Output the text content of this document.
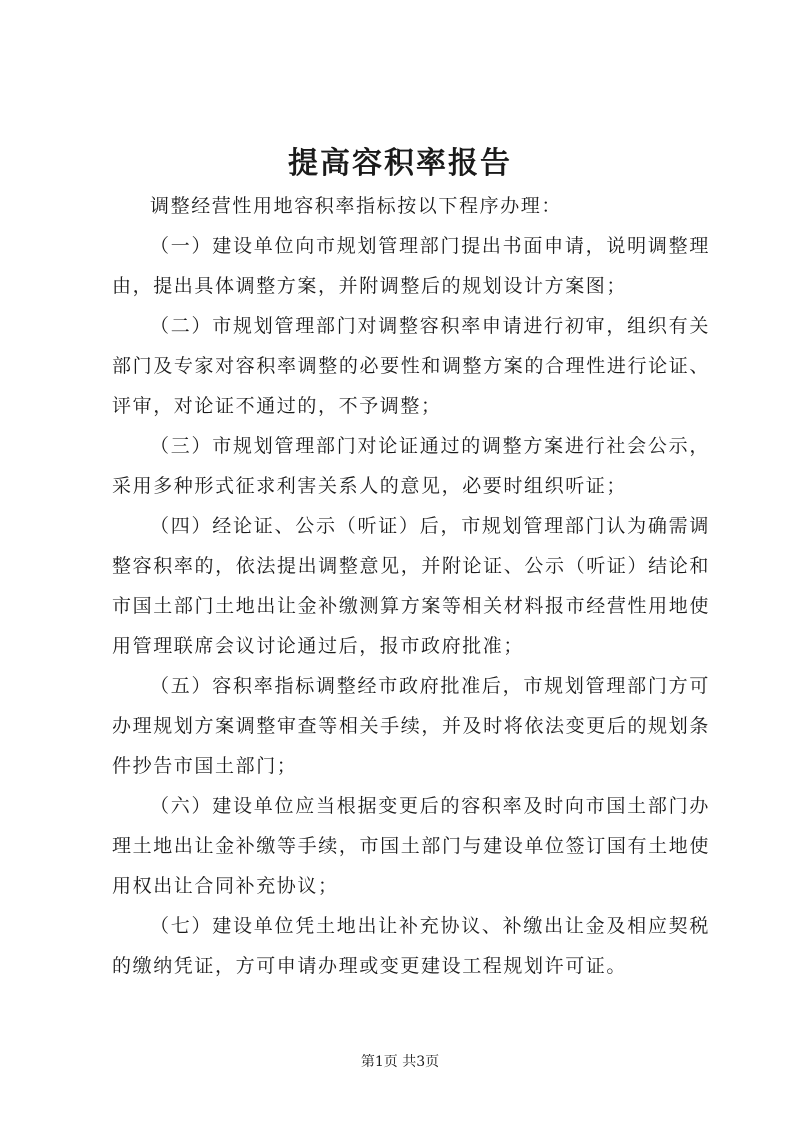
提高容积率报告

调整经营性用地容积率指标按以下程序办理：

（一）建设单位向市规划管理部门提出书面申请，说明调整理由，提出具体调整方案，并附调整后的规划设计方案图；

（二）市规划管理部门对调整容积率申请进行初审，组织有关部门及专家对容积率调整的必要性和调整方案的合理性进行论证、评审，对论证不通过的，不予调整；

（三）市规划管理部门对论证通过的调整方案进行社会公示，采用多种形式征求利害关系人的意见，必要时组织听证；

（四）经论证、公示（听证）后，市规划管理部门认为确需调整容积率的，依法提出调整意见，并附论证、公示（听证）结论和市国土部门土地出让金补缴测算方案等相关材料报市经营性用地使用管理联席会议讨论通过后，报市政府批准；

（五）容积率指标调整经市政府批准后，市规划管理部门方可办理规划方案调整审查等相关手续，并及时将依法变更后的规划条件抄告市国土部门；

（六）建设单位应当根据变更后的容积率及时向市国土部门办理土地出让金补缴等手续，市国土部门与建设单位签订国有土地使用权出让合同补充协议；

（七）建设单位凭土地出让补充协议、补缴出让金及相应契税的缴纳凭证，方可申请办理或变更建设工程规划许可证。

第1页 共3页
